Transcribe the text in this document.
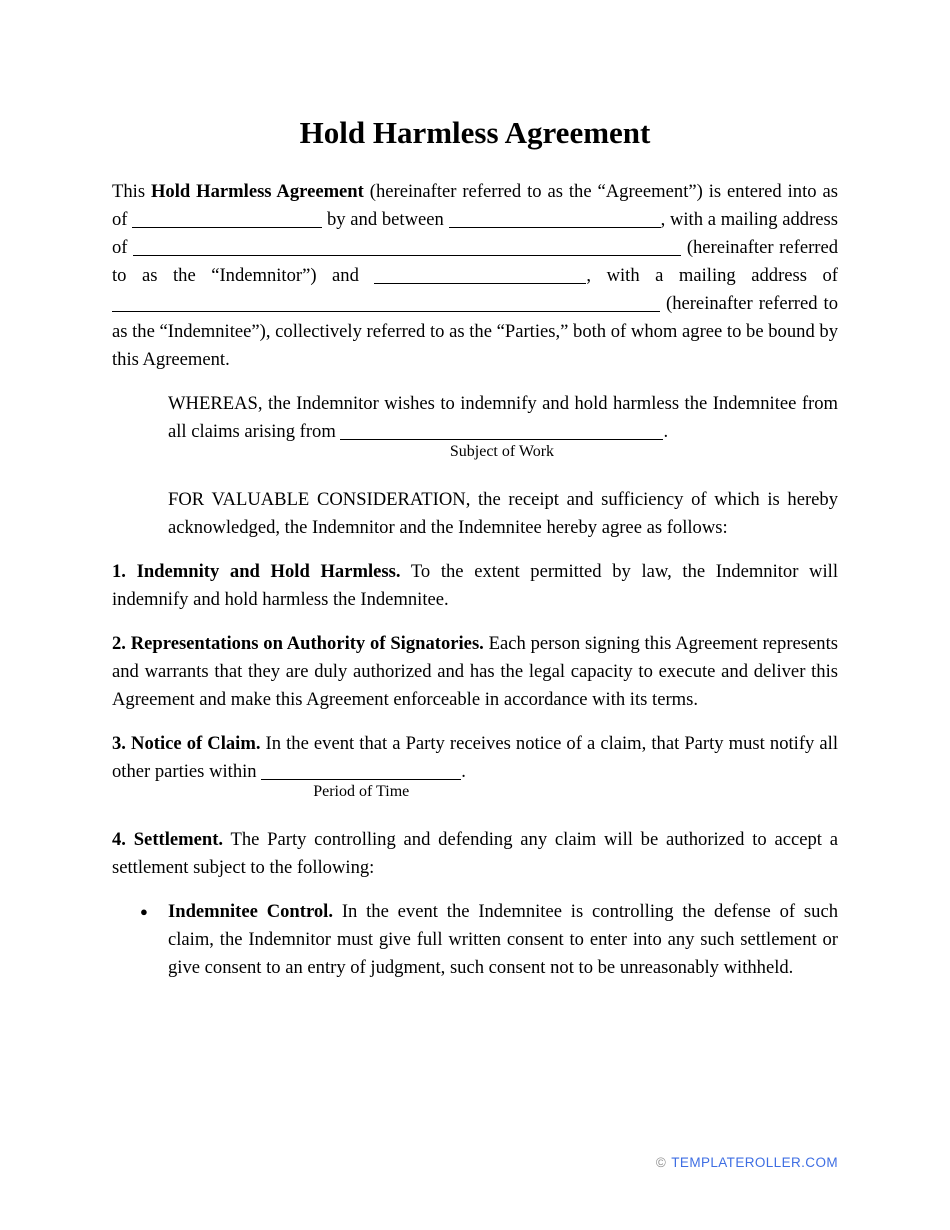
Hold Harmless Agreement
This Hold Harmless Agreement (hereinafter referred to as the “Agreement”) is entered into as of	by and between	, with a mailing address of	(hereinafter referred to as the “Indemnitor”) and	, with a mailing address of  (hereinafter referred to as the “Indemnitee”), collectively referred to as the “Parties,” both of whom agree to be bound by this Agreement.
WHEREAS, the Indemnitor wishes to indemnify and hold harmless the Indemnitee from all claims arising from
Subject of Work
.
FOR VALUABLE CONSIDERATION, the receipt and sufficiency of which is hereby acknowledged, the Indemnitor and the Indemnitee hereby agree as follows:
1. Indemnity and Hold Harmless. To the extent permitted by law, the Indemnitor will indemnify and hold harmless the Indemnitee.
2. Representations on Authority of Signatories. Each person signing this Agreement represents and warrants that they are duly authorized and has the legal capacity to execute and deliver this Agreement and make this Agreement enforceable in accordance with its terms.
3. Notice of Claim. In the event that a Party receives notice of a claim, that Party must notify all other parties within
Period of Time
.
4. Settlement. The Party controlling and defending any claim will be authorized to accept a settlement subject to the following:
●	Indemnitee Control. In the event the Indemnitee is controlling the defense of such claim, the Indemnitor must give full written consent to enter into any such settlement or give consent to an entry of judgment, such consent not to be unreasonably withheld.
© TEMPLATEROLLER.COM
